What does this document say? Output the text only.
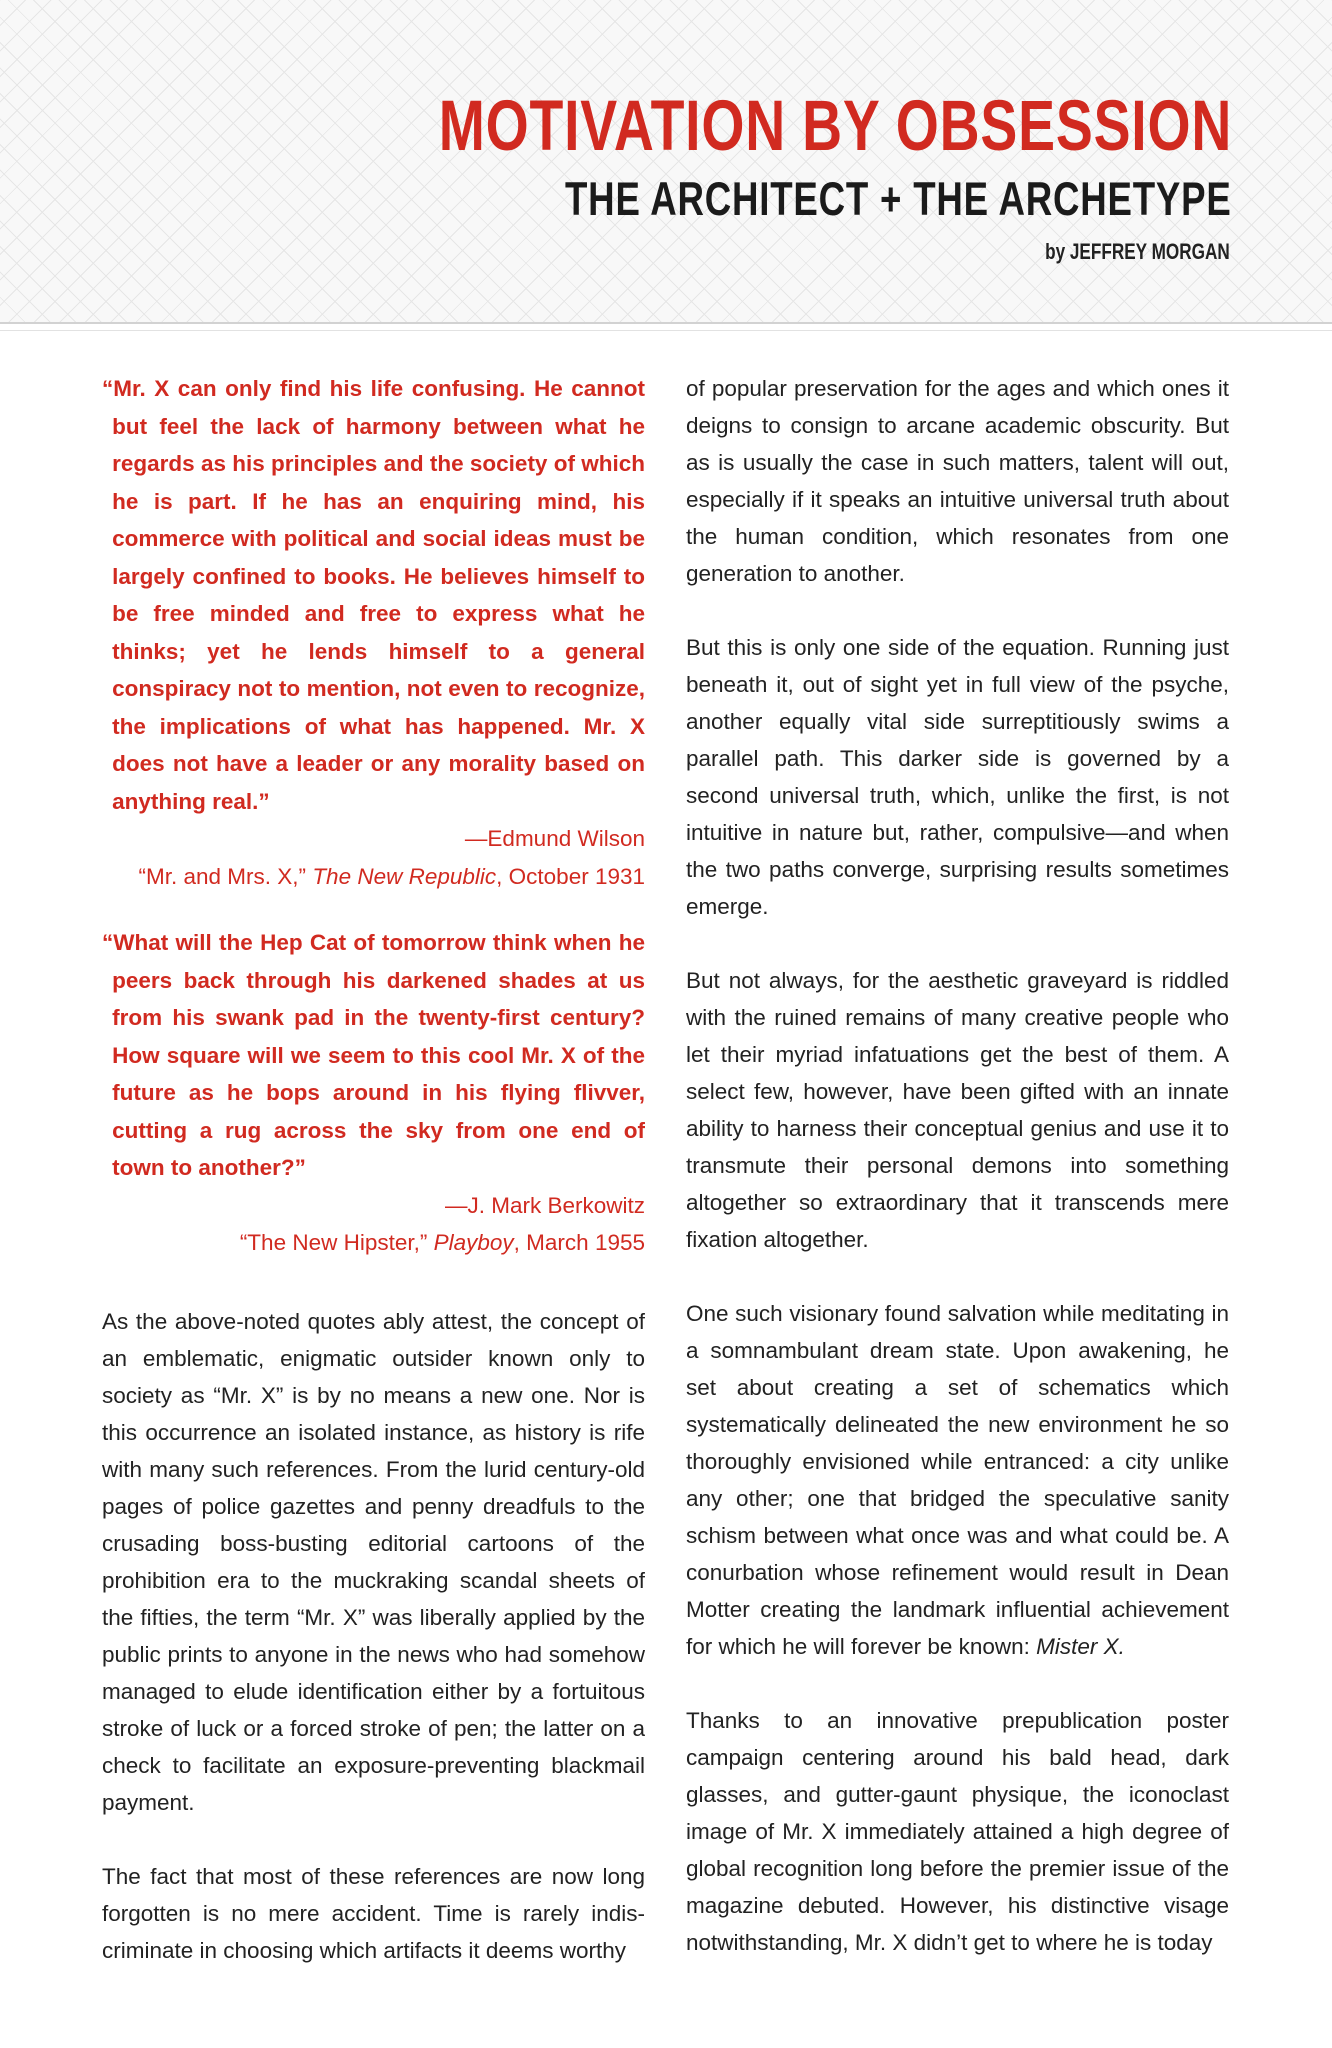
MOTIVATION BY OBSESSION
THE ARCHITECT + THE ARCHETYPE
by JEFFREY MORGAN

“Mr. X can only find his life confusing. He cannot but feel the lack of harmony between what he regards as his principles and the society of which he is part. If he has an enquiring mind, his commerce with political and social ideas must be largely confined to books. He believes himself to be free minded and free to express what he thinks; yet he lends himself to a general conspiracy not to mention, not even to recognize, the implications of what has happened. Mr. X does not have a leader or any morality based on anything real.”

—Edmund Wilson

“Mr. and Mrs. X,” The New Republic, October 1931

“What will the Hep Cat of tomorrow think when he peers back through his darkened shades at us from his swank pad in the twenty-first century? How square will we seem to this cool Mr. X of the future as he bops around in his flying flivver, cutting a rug across the sky from one end of town to another?”

—J. Mark Berkowitz

“The New Hipster,” Playboy, March 1955

As the above-noted quotes ably attest, the concept of an emblematic, enigmatic outsider known only to society as “Mr. X” is by no means a new one. Nor is this occurrence an isolated instance, as history is rife with many such references. From the lurid century-old pages of police gazettes and penny dreadfuls to the crusading boss-busting editorial cartoons of the prohibition era to the muckraking scandal sheets of the fifties, the term “Mr. X” was liberally applied by the public prints to anyone in the news who had somehow managed to elude identification either by a fortuitous stroke of luck or a forced stroke of pen; the latter on a check to facilitate an exposure-preventing blackmail payment.

The fact that most of these references are now long forgotten is no mere accident. Time is rarely indis-criminate in choosing which artifacts it deems worthy

of popular preservation for the ages and which ones it deigns to consign to arcane academic obscurity. But as is usually the case in such matters, talent will out, especially if it speaks an intuitive universal truth about the human condition, which resonates from one generation to another.

But this is only one side of the equation. Running just beneath it, out of sight yet in full view of the psyche, another equally vital side surreptitiously swims a parallel path. This darker side is governed by a second universal truth, which, unlike the first, is not intuitive in nature but, rather, compulsive—and when the two paths converge, surprising results sometimes emerge.

But not always, for the aesthetic graveyard is riddled with the ruined remains of many creative people who let their myriad infatuations get the best of them. A select few, however, have been gifted with an innate ability to harness their conceptual genius and use it to transmute their personal demons into something altogether so extraordinary that it transcends mere fixation altogether.

One such visionary found salvation while meditating in a somnambulant dream state. Upon awakening, he set about creating a set of schematics which systematically delineated the new environment he so thoroughly envisioned while entranced: a city unlike any other; one that bridged the speculative sanity schism between what once was and what could be. A conurbation whose refinement would result in Dean Motter creating the landmark influential achievement for which he will forever be known: Mister X.

Thanks to an innovative prepublication poster campaign centering around his bald head, dark glasses, and gutter-gaunt physique, the iconoclast image of Mr. X immediately attained a high degree of global recognition long before the premier issue of the magazine debuted. However, his distinctive visage notwithstanding, Mr. X didn’t get to where he is today
